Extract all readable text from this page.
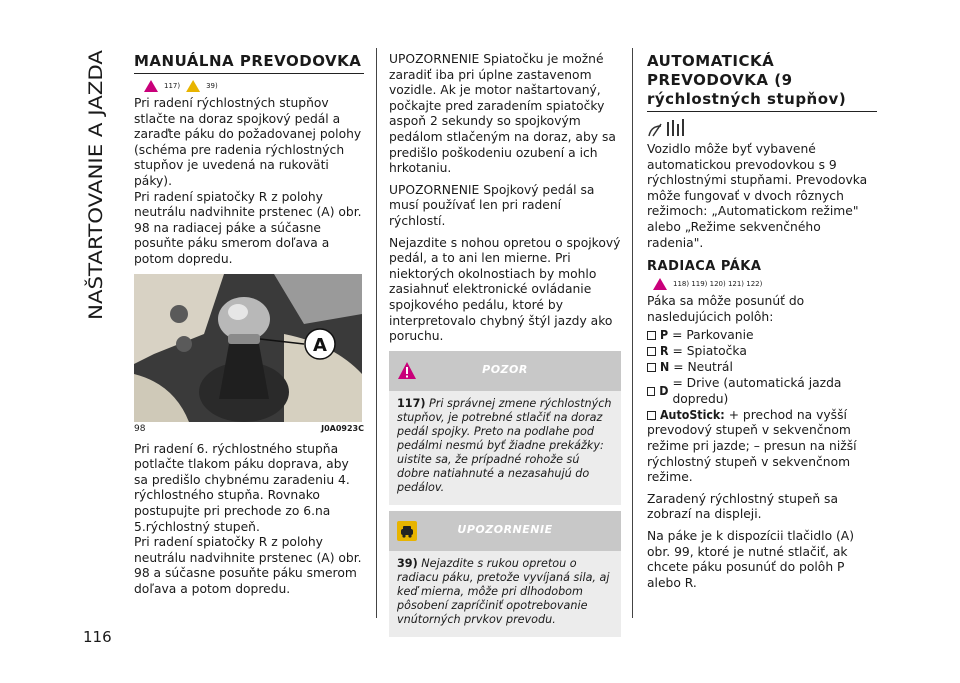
NAŠTARTOVANIE A JAZDA
116
MANUÁLNA PREVODOVKA
117)	39)

Pri radení rýchlostných stupňov stlačte na doraz spojkový pedál a zaraďte páku do požadovanej polohy (schéma pre radenia rýchlostných stupňov je uvedená na rukoväti páky).

Pri radení spiatočky R z polohy neutrálu nadvihnite prstenec (A) obr. 98 na radiacej páke a súčasne posuňte páku smerom doľava a potom dopredu.

A
98	J0A0923C

Pri radení 6. rýchlostného stupňa potlačte tlakom páku doprava, aby sa predišlo chybnému zaradeniu 4. rýchlostného stupňa. Rovnako postupujte pri prechode zo 6.na 5.rýchlostný stupeň.

Pri radení spiatočky R z polohy neutrálu nadvihnite prstenec (A) obr. 98 a súčasne posuňte páku smerom doľava a potom dopredu.

UPOZORNENIE Spiatočku je možné zaradiť iba pri úplne zastavenom vozidle. Ak je motor naštartovaný, počkajte pred zaradením spiatočky aspoň 2 sekundy so spojkovým pedálom stlačeným na doraz, aby sa predišlo poškodeniu ozubení a ich hrkotaniu.

UPOZORNENIE Spojkový pedál sa musí používať len pri radení rýchlostí.

Nejazdite s nohou opretou o spojkový pedál, a to ani len mierne. Pri niektorých okolnostiach by mohlo zasiahnuť elektronické ovládanie spojkového pedálu, ktoré by interpretovalo chybný štýl jazdy ako poruchu.

POZOR
117) Pri správnej zmene rýchlostných stupňov, je potrebné stlačiť na doraz pedál spojky. Preto na podlahe pod pedálmi nesmú byť žiadne prekážky: uistite sa, že prípadné rohože sú dobre natiahnuté a nezasahujú do pedálov.
UPOZORNENIE
39) Nejazdite s rukou opretou o radiacu páku, pretože vyvíjaná sila, aj keď mierna, môže pri dlhodobom pôsobení zapríčiniť opotrebovanie vnútorných prvkov prevodu.
AUTOMATICKÁ PREVODOVKA (9 rýchlostných stupňov)

Vozidlo môže byť vybavené automatickou prevodovkou s 9 rýchlostnými stupňami. Prevodovka môže fungovať v dvoch rôznych režimoch: „Automatickom režime" alebo „Režime sekvenčného radenia".

RADIACA PÁKA
118) 119) 120) 121) 122)

Páka sa môže posunúť do nasledujúcich polôh:

P = Parkovanie
R = Spiatočka
N = Neutrál
D
= Drive (automatická jazda dopredu)
AutoStick: + prechod na vyšší

prevodový stupeň v sekvenčnom režime pri jazde; – presun na nižší rýchlostný stupeň v sekvenčnom režime.

Zaradený rýchlostný stupeň sa zobrazí na displeji.

Na páke je k dispozícii tlačidlo (A) obr. 99, ktoré je nutné stlačiť, ak chcete páku posunúť do polôh P alebo R.
